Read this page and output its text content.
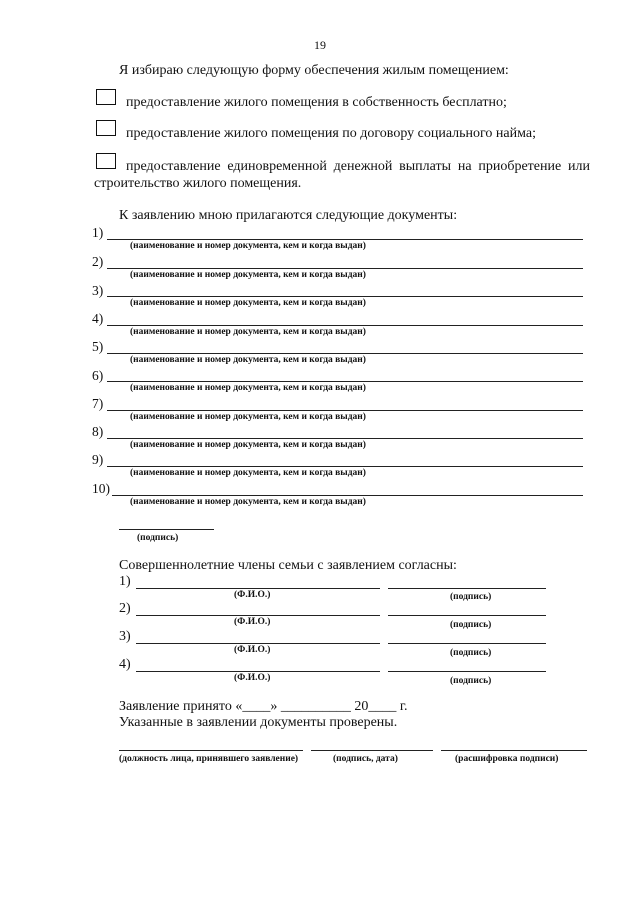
19
Я избираю следующую форму обеспечения жилым помещением:
предоставление жилого помещения в собственность бесплатно;
предоставление жилого помещения по договору социального найма;
предоставление единовременной денежной выплаты на приобретение или
строительство жилого помещения.
К заявлению мною прилагаются следующие документы:
1)
(наименование и номер документа, кем и когда выдан)
2)
(наименование и номер документа, кем и когда выдан)
3)
(наименование и номер документа, кем и когда выдан)
4)
(наименование и номер документа, кем и когда выдан)
5)
(наименование и номер документа, кем и когда выдан)
6)
(наименование и номер документа, кем и когда выдан)
7)
(наименование и номер документа, кем и когда выдан)
8)
(наименование и номер документа, кем и когда выдан)
9)
(наименование и номер документа, кем и когда выдан)
10)
(наименование и номер документа, кем и когда выдан)
(подпись)
Совершеннолетние члены семьи с заявлением согласны:
1)
(Ф.И.О.)	(подпись)
2)
(Ф.И.О.)	(подпись)
3)
(Ф.И.О.)	(подпись)
4)
(Ф.И.О.)	(подпись)
Заявление принято «____» __________ 20____ г.
Указанные в заявлении документы проверены.
(должность лица, принявшего заявление)	(подпись, дата)	(расшифровка подписи)
